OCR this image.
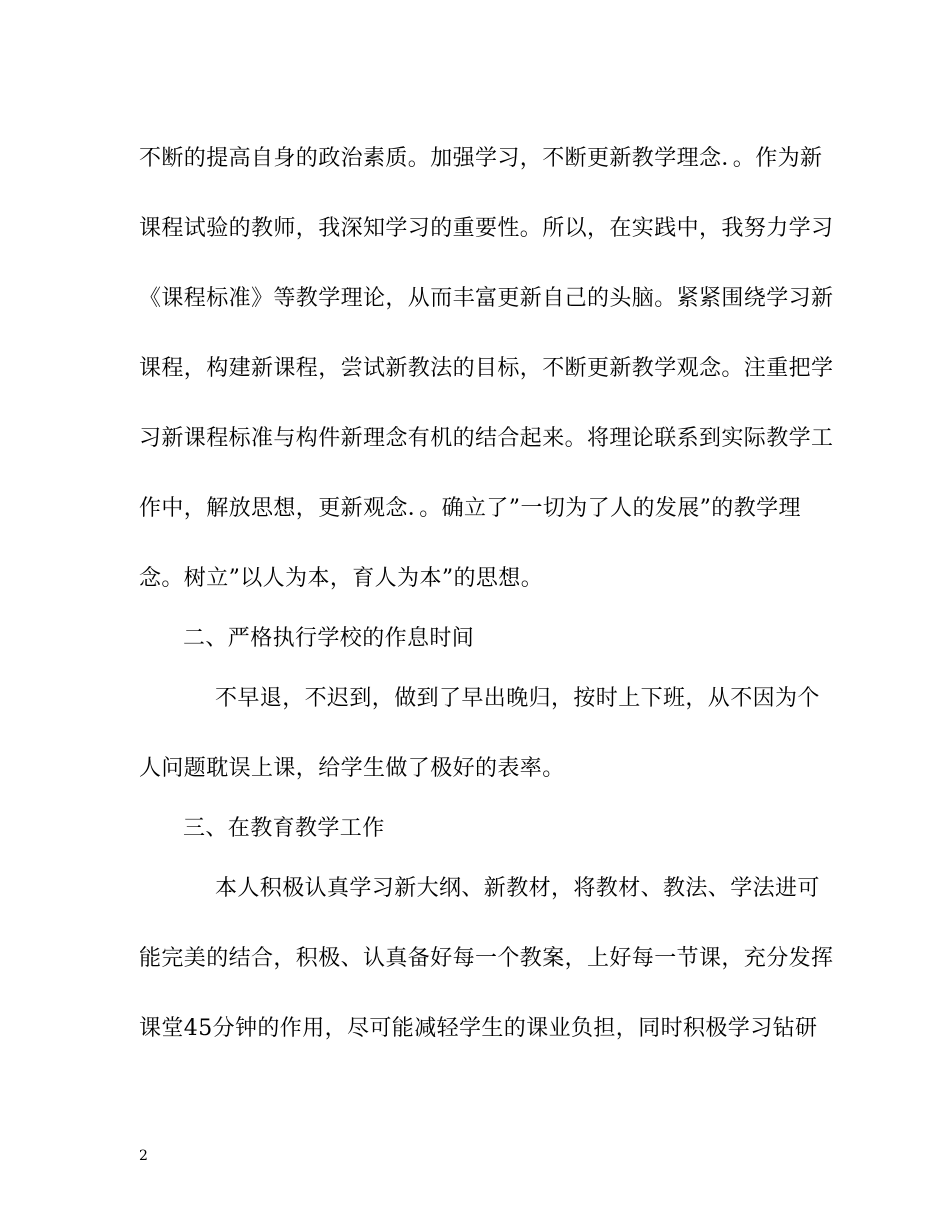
不断的提高自身的政治素质。加强学习，不断更新教学理念．。作为新
课程试验的教师，我深知学习的重要性。所以，在实践中，我努力学习
《课程标准》等教学理论，从而丰富更新自己的头脑。紧紧围绕学习新
课程，构建新课程，尝试新教法的目标，不断更新教学观念。注重把学
习新课程标准与构件新理念有机的结合起来。将理论联系到实际教学工
作中，解放思想，更新观念．。确立了”一切为了人的发展”的教学理
念。树立”以人为本，育人为本”的思想。
二、严格执行学校的作息时间
不早退，不迟到，做到了早出晚归，按时上下班，从不因为个
人问题耽误上课，给学生做了极好的表率。
三、在教育教学工作
本人积极认真学习新大纲、新教材，将教材、教法、学法进可
能完美的结合，积极、认真备好每一个教案，上好每一节课，充分发挥
课堂45分钟的作用，尽可能减轻学生的课业负担，同时积极学习钻研
2
